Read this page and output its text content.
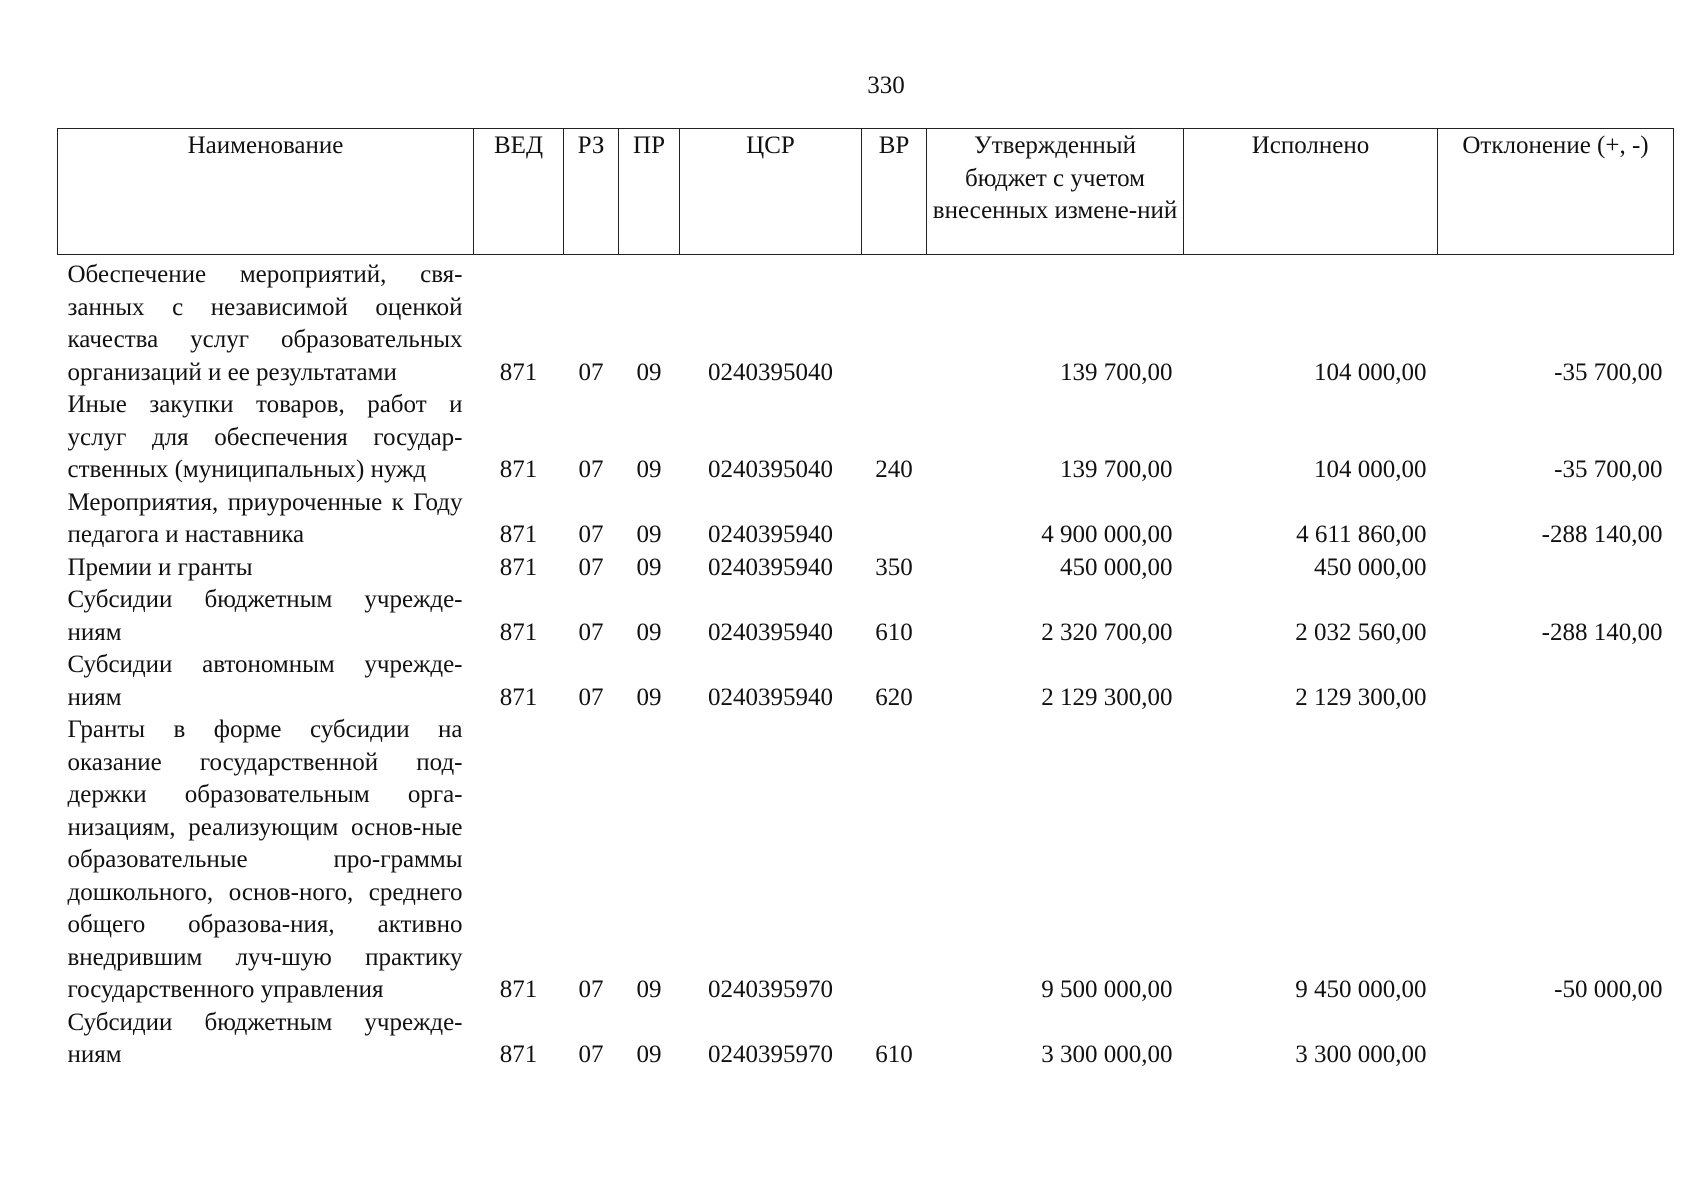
330
Наименование	ВЕД	РЗ	ПР	ЦСР	ВР	Утвержденный бюджет с учетом внесенных измене-ний	Исполнено	Отклонение (+, -)
Обеспечение мероприятий, свя-занных с независимой оценкой качества услуг образовательных организаций и ее результатами	871	07	09	0240395040		139 700,00	104 000,00	-35 700,00
Иные закупки товаров, работ и услуг для обеспечения государ-ственных (муниципальных) нужд	871	07	09	0240395040	240	139 700,00	104 000,00	-35 700,00
Мероприятия, приуроченные к Году педагога и наставника	871	07	09	0240395940		4 900 000,00	4 611 860,00	-288 140,00
Премии и гранты	871	07	09	0240395940	350	450 000,00	450 000,00	
Субсидии бюджетным учрежде-ниям	871	07	09	0240395940	610	2 320 700,00	2 032 560,00	-288 140,00
Субсидии автономным учрежде-ниям	871	07	09	0240395940	620	2 129 300,00	2 129 300,00	
Гранты в форме субсидии на оказание государственной под-держки образовательным орга-низациям, реализующим основ-ные образовательные про-граммы дошкольного, основ-ного, среднего общего образова-ния, активно внедрившим луч-шую практику государственного управления	871	07	09	0240395970		9 500 000,00	9 450 000,00	-50 000,00
Субсидии бюджетным учрежде-ниям	871	07	09	0240395970	610	3 300 000,00	3 300 000,00	
